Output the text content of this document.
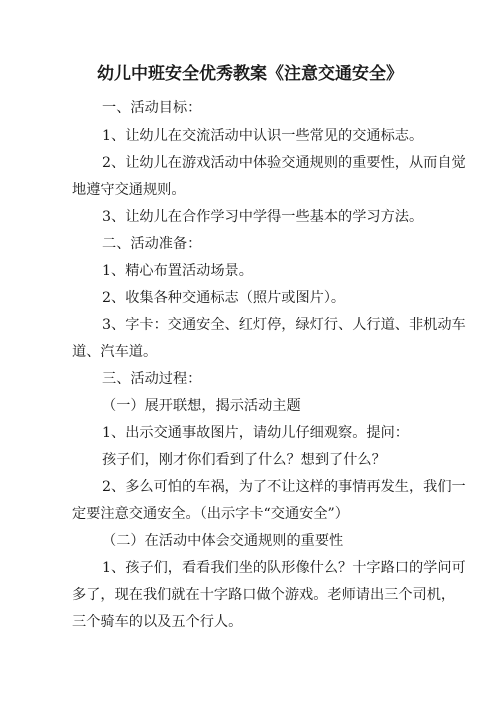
幼儿中班安全优秀教案《注意交通安全》
一、活动目标：
1、让幼儿在交流活动中认识一些常见的交通标志。
2、让幼儿在游戏活动中体验交通规则的重要性，从而自觉
地遵守交通规则。
3、让幼儿在合作学习中学得一些基本的学习方法。
二、活动准备：
1、精心布置活动场景。
2、收集各种交通标志（照片或图片）。
3、字卡：交通安全、红灯停，绿灯行、人行道、非机动车
道、汽车道。
三、活动过程：
（一）展开联想，揭示活动主题
1、出示交通事故图片，请幼儿仔细观察。提问：
孩子们，刚才你们看到了什么？想到了什么？
2、多么可怕的车祸，为了不让这样的事情再发生，我们一
定要注意交通安全。（出示字卡“交通安全”）
（二）在活动中体会交通规则的重要性
1、孩子们，看看我们坐的队形像什么？十字路口的学问可
多了，现在我们就在十字路口做个游戏。老师请出三个司机，
三个骑车的以及五个行人。
